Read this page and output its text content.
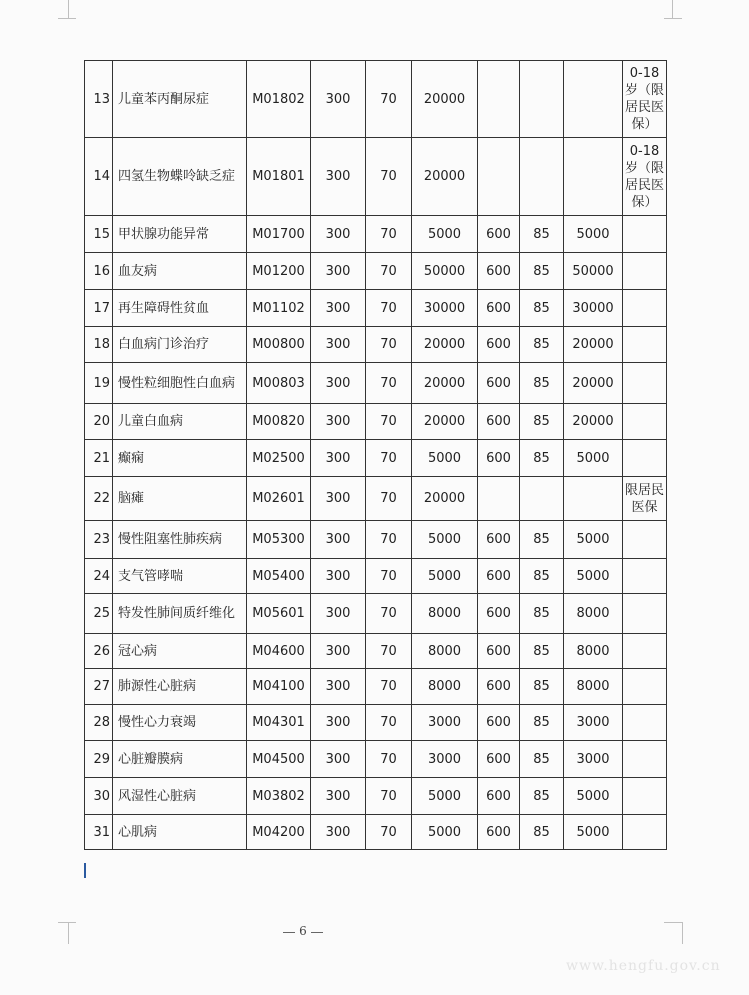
13	儿童苯丙酮尿症	M01802	300	70	20000				0-18 岁（限居民医保）
14	四氢生物蝶呤缺乏症	M01801	300	70	20000				0-18 岁（限居民医保）
15	甲状腺功能异常	M01700	300	70	5000	600	85	5000	
16	血友病	M01200	300	70	50000	600	85	50000	
17	再生障碍性贫血	M01102	300	70	30000	600	85	30000	
18	白血病门诊治疗	M00800	300	70	20000	600	85	20000	
19	慢性粒细胞性白血病	M00803	300	70	20000	600	85	20000	
20	儿童白血病	M00820	300	70	20000	600	85	20000	
21	癫痫	M02500	300	70	5000	600	85	5000	
22	脑瘫	M02601	300	70	20000				限居民医保
23	慢性阻塞性肺疾病	M05300	300	70	5000	600	85	5000	
24	支气管哮喘	M05400	300	70	5000	600	85	5000	
25	特发性肺间质纤维化	M05601	300	70	8000	600	85	8000	
26	冠心病	M04600	300	70	8000	600	85	8000	
27	肺源性心脏病	M04100	300	70	8000	600	85	8000	
28	慢性心力衰竭	M04301	300	70	3000	600	85	3000	
29	心脏瓣膜病	M04500	300	70	3000	600	85	3000	
30	风湿性心脏病	M03802	300	70	5000	600	85	5000	
31	心肌病	M04200	300	70	5000	600	85	5000	
6
www.hengfu.gov.cn
